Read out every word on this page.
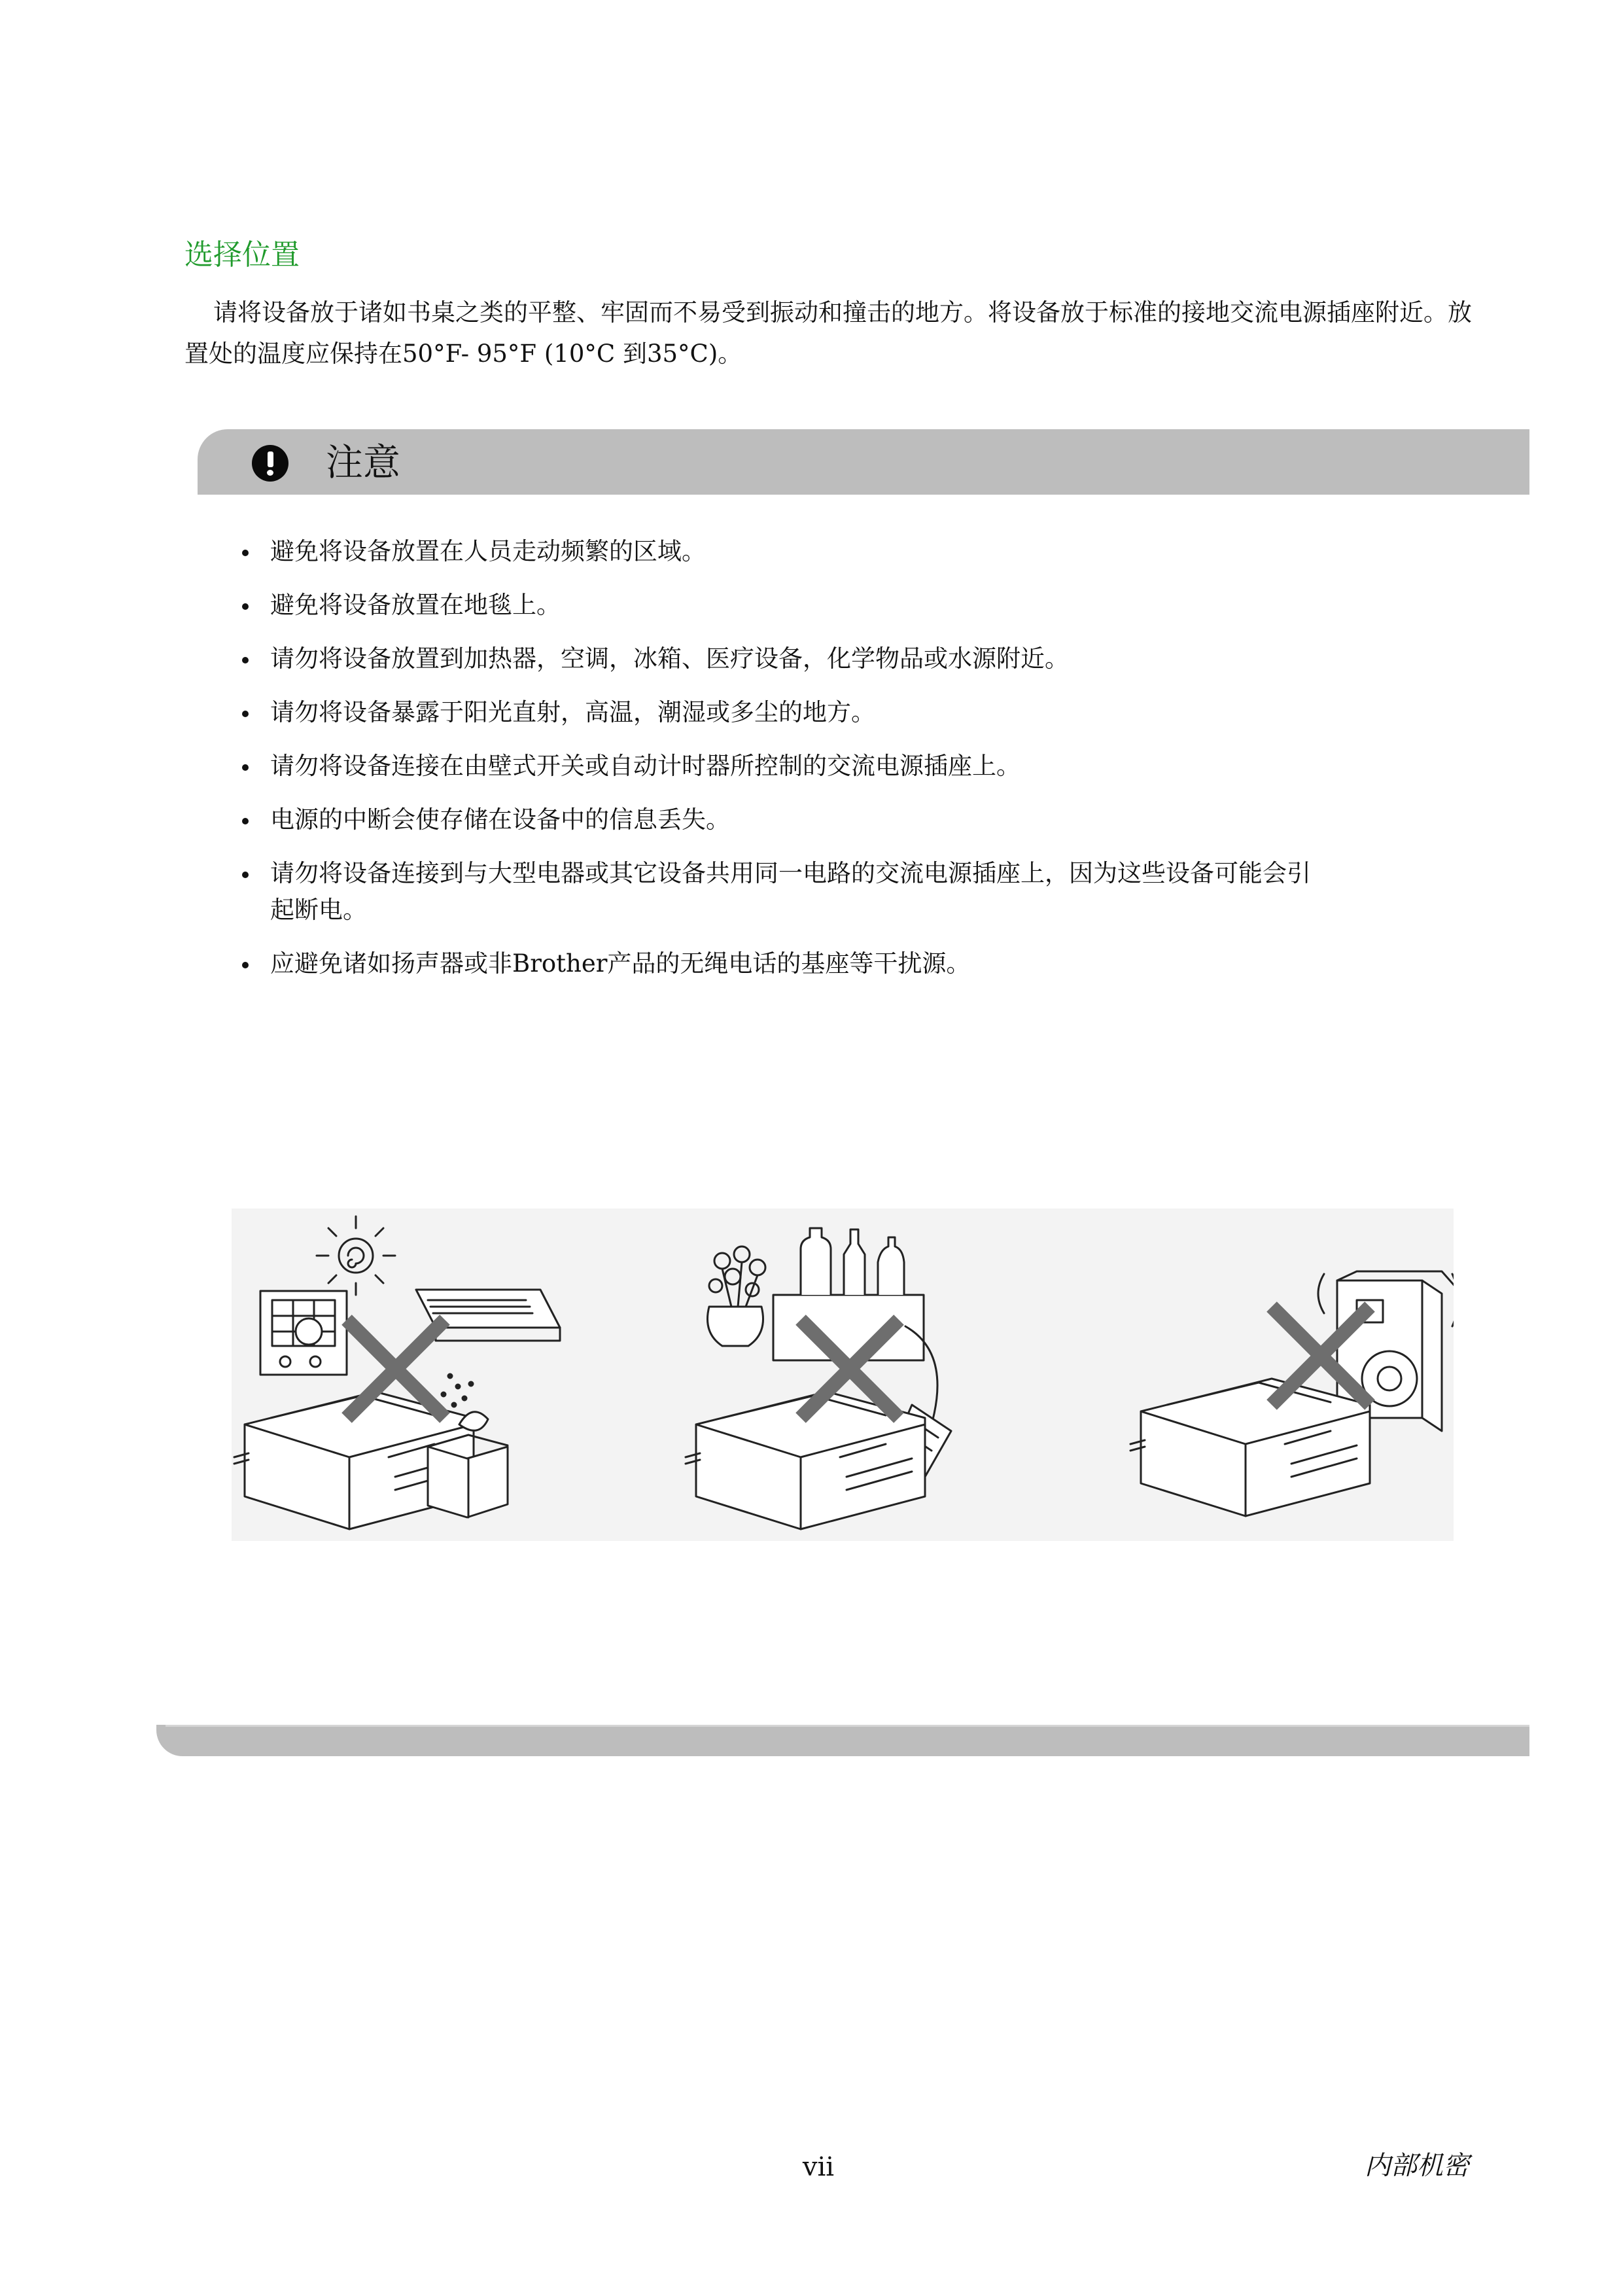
选择位置

请将设备放于诸如书桌之类的平整、牢固而不易受到振动和撞击的地方。将设备放于标准的接地交流电源插座附近。放置处的温度应保持在50°F- 95°F (10°C 到35°C)。

注意
避免将设备放置在人员走动频繁的区域。
避免将设备放置在地毯上。
请勿将设备放置到加热器，空调，冰箱、医疗设备，化学物品或水源附近。
请勿将设备暴露于阳光直射，高温，潮湿或多尘的地方。
请勿将设备连接在由壁式开关或自动计时器所控制的交流电源插座上。
电源的中断会使存储在设备中的信息丢失。
请勿将设备连接到与大型电器或其它设备共用同一电路的交流电源插座上，因为这些设备可能会引起断电。
应避免诸如扬声器或非Brother产品的无绳电话的基座等干扰源。
vii	内部机密
